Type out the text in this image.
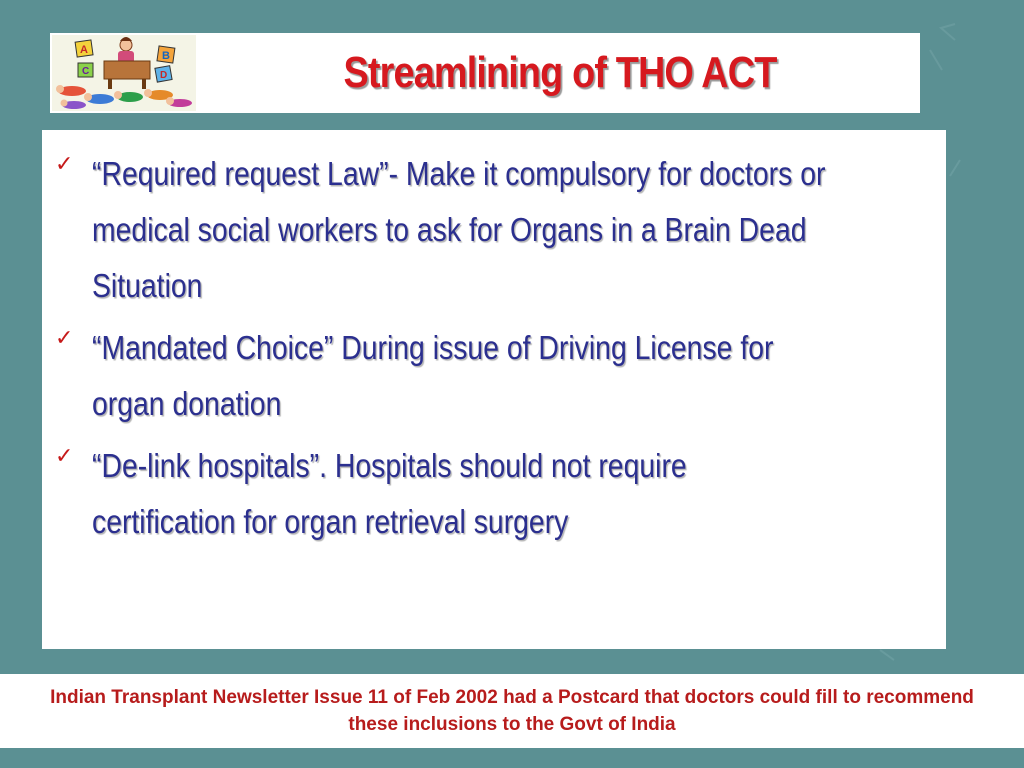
A	B
C	D	Streamlining of THO ACT
✓ “Required request Law”- Make it compulsory for doctors or
medical social workers to ask for Organs in a Brain Dead
Situation
✓ “Mandated Choice” During issue of Driving License for
organ donation
✓ “De-link hospitals”. Hospitals should not require
certification for organ retrieval surgery
Indian Transplant Newsletter Issue 11 of Feb 2002 had a Postcard that doctors could fill to recommend these inclusions to the Govt of India
